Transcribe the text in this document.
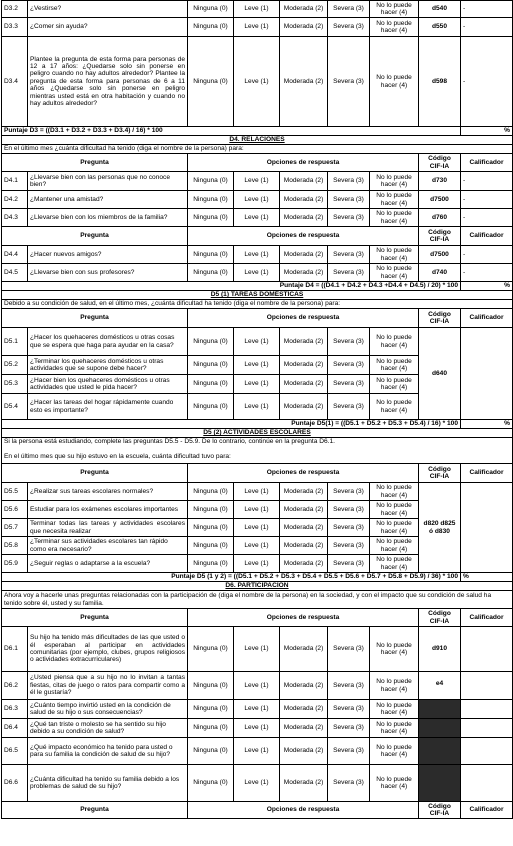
D3.2	¿Vestirse?	Ninguna (0)	Leve (1)	Moderada (2)	Severa (3)	No lo puede hacer (4)	d540	-
D3.3	¿Comer sin ayuda?	Ninguna (0)	Leve (1)	Moderada (2)	Severa (3)	No lo puede hacer (4)	d550	-
D3.4	Plantee la pregunta de esta forma para personas de 12 a 17 años: ¿Quedarse solo sin ponerse en peligro cuando no hay adultos alrededor? Plantee la pregunta de esta forma para personas de 6 a 11 años ¿Quedarse solo sin ponerse en peligro mientras usted está en otra habitación y cuando no hay adultos alrededor?	Ninguna (0)	Leve (1)	Moderada (2)	Severa (3)	No lo puede hacer (4)	d598	-
Puntaje D3 = ((D3.1 + D3.2 + D3.3 + D3.4) / 16) * 100								%
D4. RELACIONES								
En el último mes ¿cuánta dificultad ha tenido (diga el nombre de la persona) para:								
Pregunta		Opciones de respuesta					Código CIF-IA	Calificador
D4.1	¿Llevarse bien con las personas que no conoce bien?	Ninguna (0)	Leve (1)	Moderada (2)	Severa (3)	No lo puede hacer (4)	d730	-
D4.2	¿Mantener una amistad?	Ninguna (0)	Leve (1)	Moderada (2)	Severa (3)	No lo puede hacer (4)	d7500	-
D4.3	¿Llevarse bien con los miembros de la familia?	Ninguna (0)	Leve (1)	Moderada (2)	Severa (3)	No lo puede hacer (4)	d760	-
Pregunta		Opciones de respuesta					Código CIF-IA	Calificador
D4.4	¿Hacer nuevos amigos?	Ninguna (0)	Leve (1)	Moderada (2)	Severa (3)	No lo puede hacer (4)	d7500	-
D4.5	¿Llevarse bien con sus profesores?	Ninguna (0)	Leve (1)	Moderada (2)	Severa (3)	No lo puede hacer (4)	d740	-
Puntaje D4 = ((D4.1 + D4.2 + D4.3 +D4.4 + D4.5) / 20) * 100								%
D5 (1) TAREAS DOMÉSTICAS								
Debido a su condición de salud, en el último mes, ¿cuánta dificultad ha tenido (diga el nombre de la persona) para:								
Pregunta		Opciones de respuesta					Código CIF-IA	Calificador
D5.1	¿Hacer los quehaceres domésticos u otras cosas que se espera que haga para ayudar en la casa?	Ninguna (0)	Leve (1)	Moderada (2)	Severa (3)	No lo puede hacer (4)	d640	
D5.2	¿Terminar los quehaceres domésticos u otras actividades que se supone debe hacer?	Ninguna (0)	Leve (1)	Moderada (2)	Severa (3)	No lo puede hacer (4)		
D5.3	¿Hacer bien los quehaceres domésticos u otras actividades que usted le pida hacer?	Ninguna (0)	Leve (1)	Moderada (2)	Severa (3)	No lo puede hacer (4)		
D5.4	¿Hacer las tareas del hogar rápidamente cuando esto es importante?	Ninguna (0)	Leve (1)	Moderada (2)	Severa (3)	No lo puede hacer (4)		
Puntaje D5(1) = ((D5.1 + D5.2 + D5.3 + D5.4) / 16) * 100								%
D5 (2) ACTIVIDADES ESCOLARES								

Si la persona está estudiando, complete las preguntas D5.5 - D5.9. De lo contrario, continúe en la pregunta D6.1.
En el último mes que su hijo estuvo en la escuela, cuánta dificultad tuvo para:								

Pregunta		Opciones de respuesta					Código CIF-IA	Calificador
D5.5	¿Realizar sus tareas escolares normales?	Ninguna (0)	Leve (1)	Moderada (2)	Severa (3)	No lo puede hacer (4)	d820 d825 ó d830	
D5.6	Estudiar para los exámenes escolares importantes	Ninguna (0)	Leve (1)	Moderada (2)	Severa (3)	No lo puede hacer (4)		
D5.7	Terminar todas las tareas y actividades escolares que necesita realizar	Ninguna (0)	Leve (1)	Moderada (2)	Severa (3)	No lo puede hacer (4)		
D5.8	¿Terminar sus actividades escolares tan rápido como era necesario?	Ninguna (0)	Leve (1)	Moderada (2)	Severa (3)	No lo puede hacer (4)		
D5.9	¿Seguir reglas o adaptarse a la escuela?	Ninguna (0)	Leve (1)	Moderada (2)	Severa (3)	No lo puede hacer (4)		
Puntaje D5 (1 y 2) = ((D5.1 + D5.2 + D5.3 + D5.4 + D5.5 + D5.6 + D5.7 + D5.8 + D5.9) / 36) * 100								%
D6. PARTICIPACIÓN								
Ahora voy a hacerle unas preguntas relacionadas con la participación de (diga el nombre de la persona) en la sociedad, y con el impacto que su condición de salud ha tenido sobre él, usted y su familia.								
Pregunta		Opciones de respuesta					Código CIF-IA	Calificador
D6.1	Su hijo ha tenido más dificultades de las que usted o él esperaban al participar en actividades comunitarias (por ejemplo, clubes, grupos religiosos o actividades extracurriculares)	Ninguna (0)	Leve (1)	Moderada (2)	Severa (3)	No lo puede hacer (4)	d910	
D6.2	¿Usted piensa que a su hijo no lo invitan a tantas fiestas, citas de juego o ratos para compartir como a él le gustaría?	Ninguna (0)	Leve (1)	Moderada (2)	Severa (3)	No lo puede hacer (4)	e4	
D6.3	¿Cuánto tiempo invirtió usted en la condición de salud de su hijo o sus consecuencias?	Ninguna (0)	Leve (1)	Moderada (2)	Severa (3)	No lo puede hacer (4)		
D6.4	¿Qué tan triste o molesto se ha sentido su hijo debido a su condición de salud?	Ninguna (0)	Leve (1)	Moderada (2)	Severa (3)	No lo puede hacer (4)		
D6.5	¿Qué impacto económico ha tenido para usted o para su familia la condición de salud de su hijo?	Ninguna (0)	Leve (1)	Moderada (2)	Severa (3)	No lo puede hacer (4)		
D6.6	¿Cuánta dificultad ha tenido su familia debido a los problemas de salud de su hijo?	Ninguna (0)	Leve (1)	Moderada (2)	Severa (3)	No lo puede hacer (4)		
Pregunta		Opciones de respuesta					Código CIF-IA	Calificador
